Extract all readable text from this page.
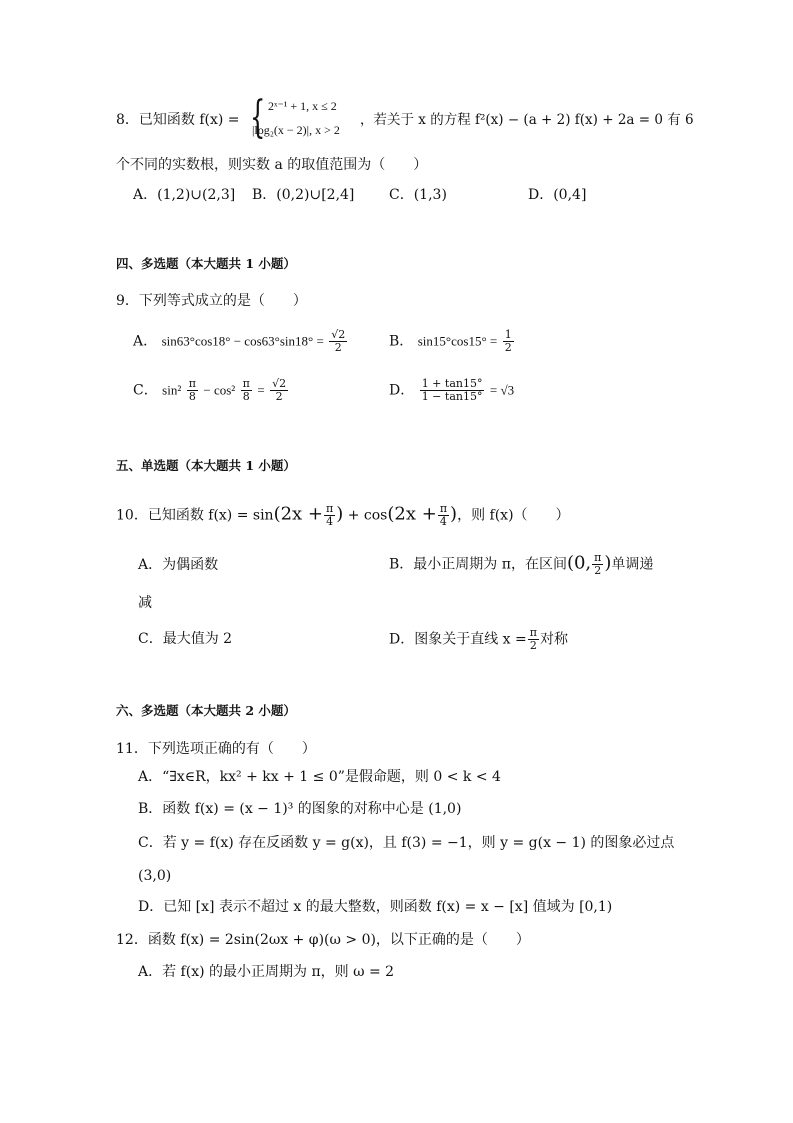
8．已知函数 f(x) = { 2ˣ⁻¹ + 1, x ≤ 2
|log₂(x − 2)|, x > 2
，若关于 x 的方程 f²(x) − (a + 2) f(x) + 2a = 0 有 6
个不同的实数根，则实数 a 的取值范围为（　　）
A．(1,2)∪(2,3] B．(0,2)∪[2,4] C．(1,3)	D．(0,4]
四、多选题（本大题共 1 小题）
9．下列等式成立的是（　　）
A． $\sin 63^\circ\cos 18^\circ - \cos 63^\circ\sin 18^\circ = \frac{√2}{2}$	B． $\sin 15^\circ\cos 15^\circ = \frac{1}{2}$
C． $\sin^2 \frac{\pi}{8} - \cos^2 \frac{\pi}{8} = \frac{√2}{2}$	D． $\frac{1 + \tan 15^\circ}{1 - \tan 15^\circ} = √3$
五、单选题（本大题共 1 小题）
10．已知函数 $f(x) = \sin(2x + \frac{\pi}{4}$ ) + $\cos(2x + \frac{\pi}{4}$ )，则 f(x)（　　）
A．为偶函数	B．最小正周期为 π，在区间(0, $\frac{\pi}{2}$ )单调递
减
C．最大值为 2	D．图象关于直线 $x = \frac{\pi}{2}$ 对称
六、多选题（本大题共 2 小题）
11．下列选项正确的有（　　）
A．“∃x∈R，kx² + kx + 1 ≤ 0”是假命题，则 0 < k < 4
B．函数 f(x) = (x − 1)³ 的图象的对称中心是 (1,0)
C．若 y = f(x) 存在反函数 y = g(x)，且 f(3) = −1，则 y = g(x − 1) 的图象必过点
(3,0)
D．已知 [x] 表示不超过 x 的最大整数，则函数 f(x) = x − [x] 值域为 [0,1)
12．函数 f(x) = 2sin(2ωx + φ)(ω > 0)，以下正确的是（　　）
A．若 f(x) 的最小正周期为 π，则 ω = 2
